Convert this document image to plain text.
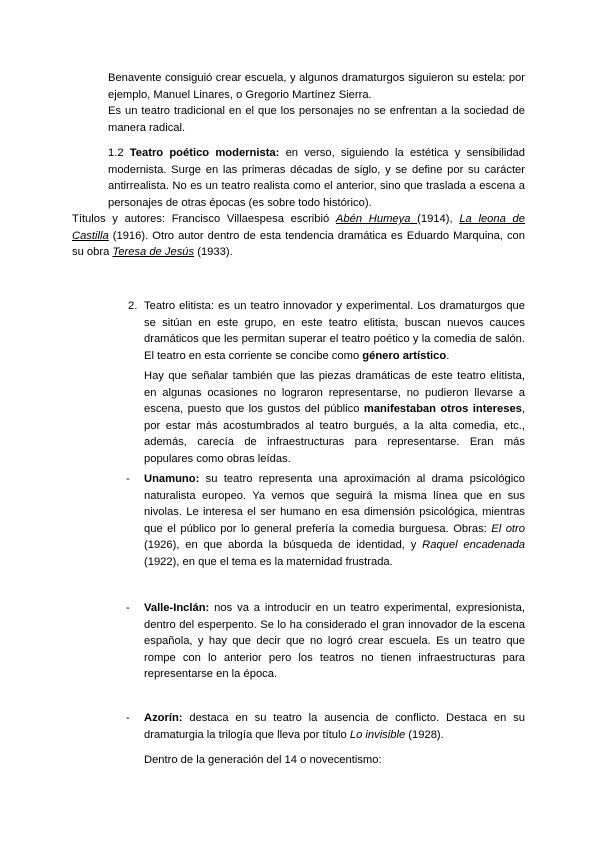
Benavente consiguió crear escuela, y algunos dramaturgos siguieron su estela: por ejemplo, Manuel Linares, o Gregorio Martínez Sierra.
Es un teatro tradicional en el que los personajes no se enfrentan a la sociedad de manera radical.

1.2 Teatro poético modernista: en verso, siguiendo la estética y sensibilidad modernista. Surge en las primeras décadas de siglo, y se define por su carácter antirrealista. No es un teatro realista como el anterior, sino que traslada a escena a personajes de otras épocas (es sobre todo histórico).

Títulos y autores: Francisco Villaespesa escribió Abén Humeya (1914), La leona de Castilla (1916). Otro autor dentro de esta tendencia dramática es Eduardo Marquina, con su obra Teresa de Jesús (1933).

2. Teatro elitista: es un teatro innovador y experimental. Los dramaturgos que se sitúan en este grupo, en este teatro elitista, buscan nuevos cauces dramáticos que les permitan superar el teatro poético y la comedia de salón. El teatro en esta corriente se concibe como género artístico.

Hay que señalar también que las piezas dramáticas de este teatro elitista, en algunas ocasiones no lograron representarse, no pudieron llevarse a escena, puesto que los gustos del público manifestaban otros intereses, por estar más acostumbrados al teatro burgués, a la alta comedia, etc., además, carecía de infraestructuras para representarse. Eran más populares como obras leídas.

- Unamuno: su teatro representa una aproximación al drama psicológico naturalista europeo. Ya vemos que seguirá la misma línea que en sus nivolas. Le interesa el ser humano en esa dimensión psicológica, mientras que el público por lo general prefería la comedia burguesa. Obras: El otro (1926), en que aborda la búsqueda de identidad, y Raquel encadenada (1922), en que el tema es la maternidad frustrada.

- Valle-Inclán: nos va a introducir en un teatro experimental, expresionista, dentro del esperpento. Se lo ha considerado el gran innovador de la escena española, y hay que decir que no logró crear escuela. Es un teatro que rompe con lo anterior pero los teatros no tienen infraestructuras para representarse en la época.

- Azorín: destaca en su teatro la ausencia de conflicto. Destaca en su dramaturgia la trilogía que lleva por título Lo invisible (1928).

Dentro de la generación del 14 o novecentismo:
